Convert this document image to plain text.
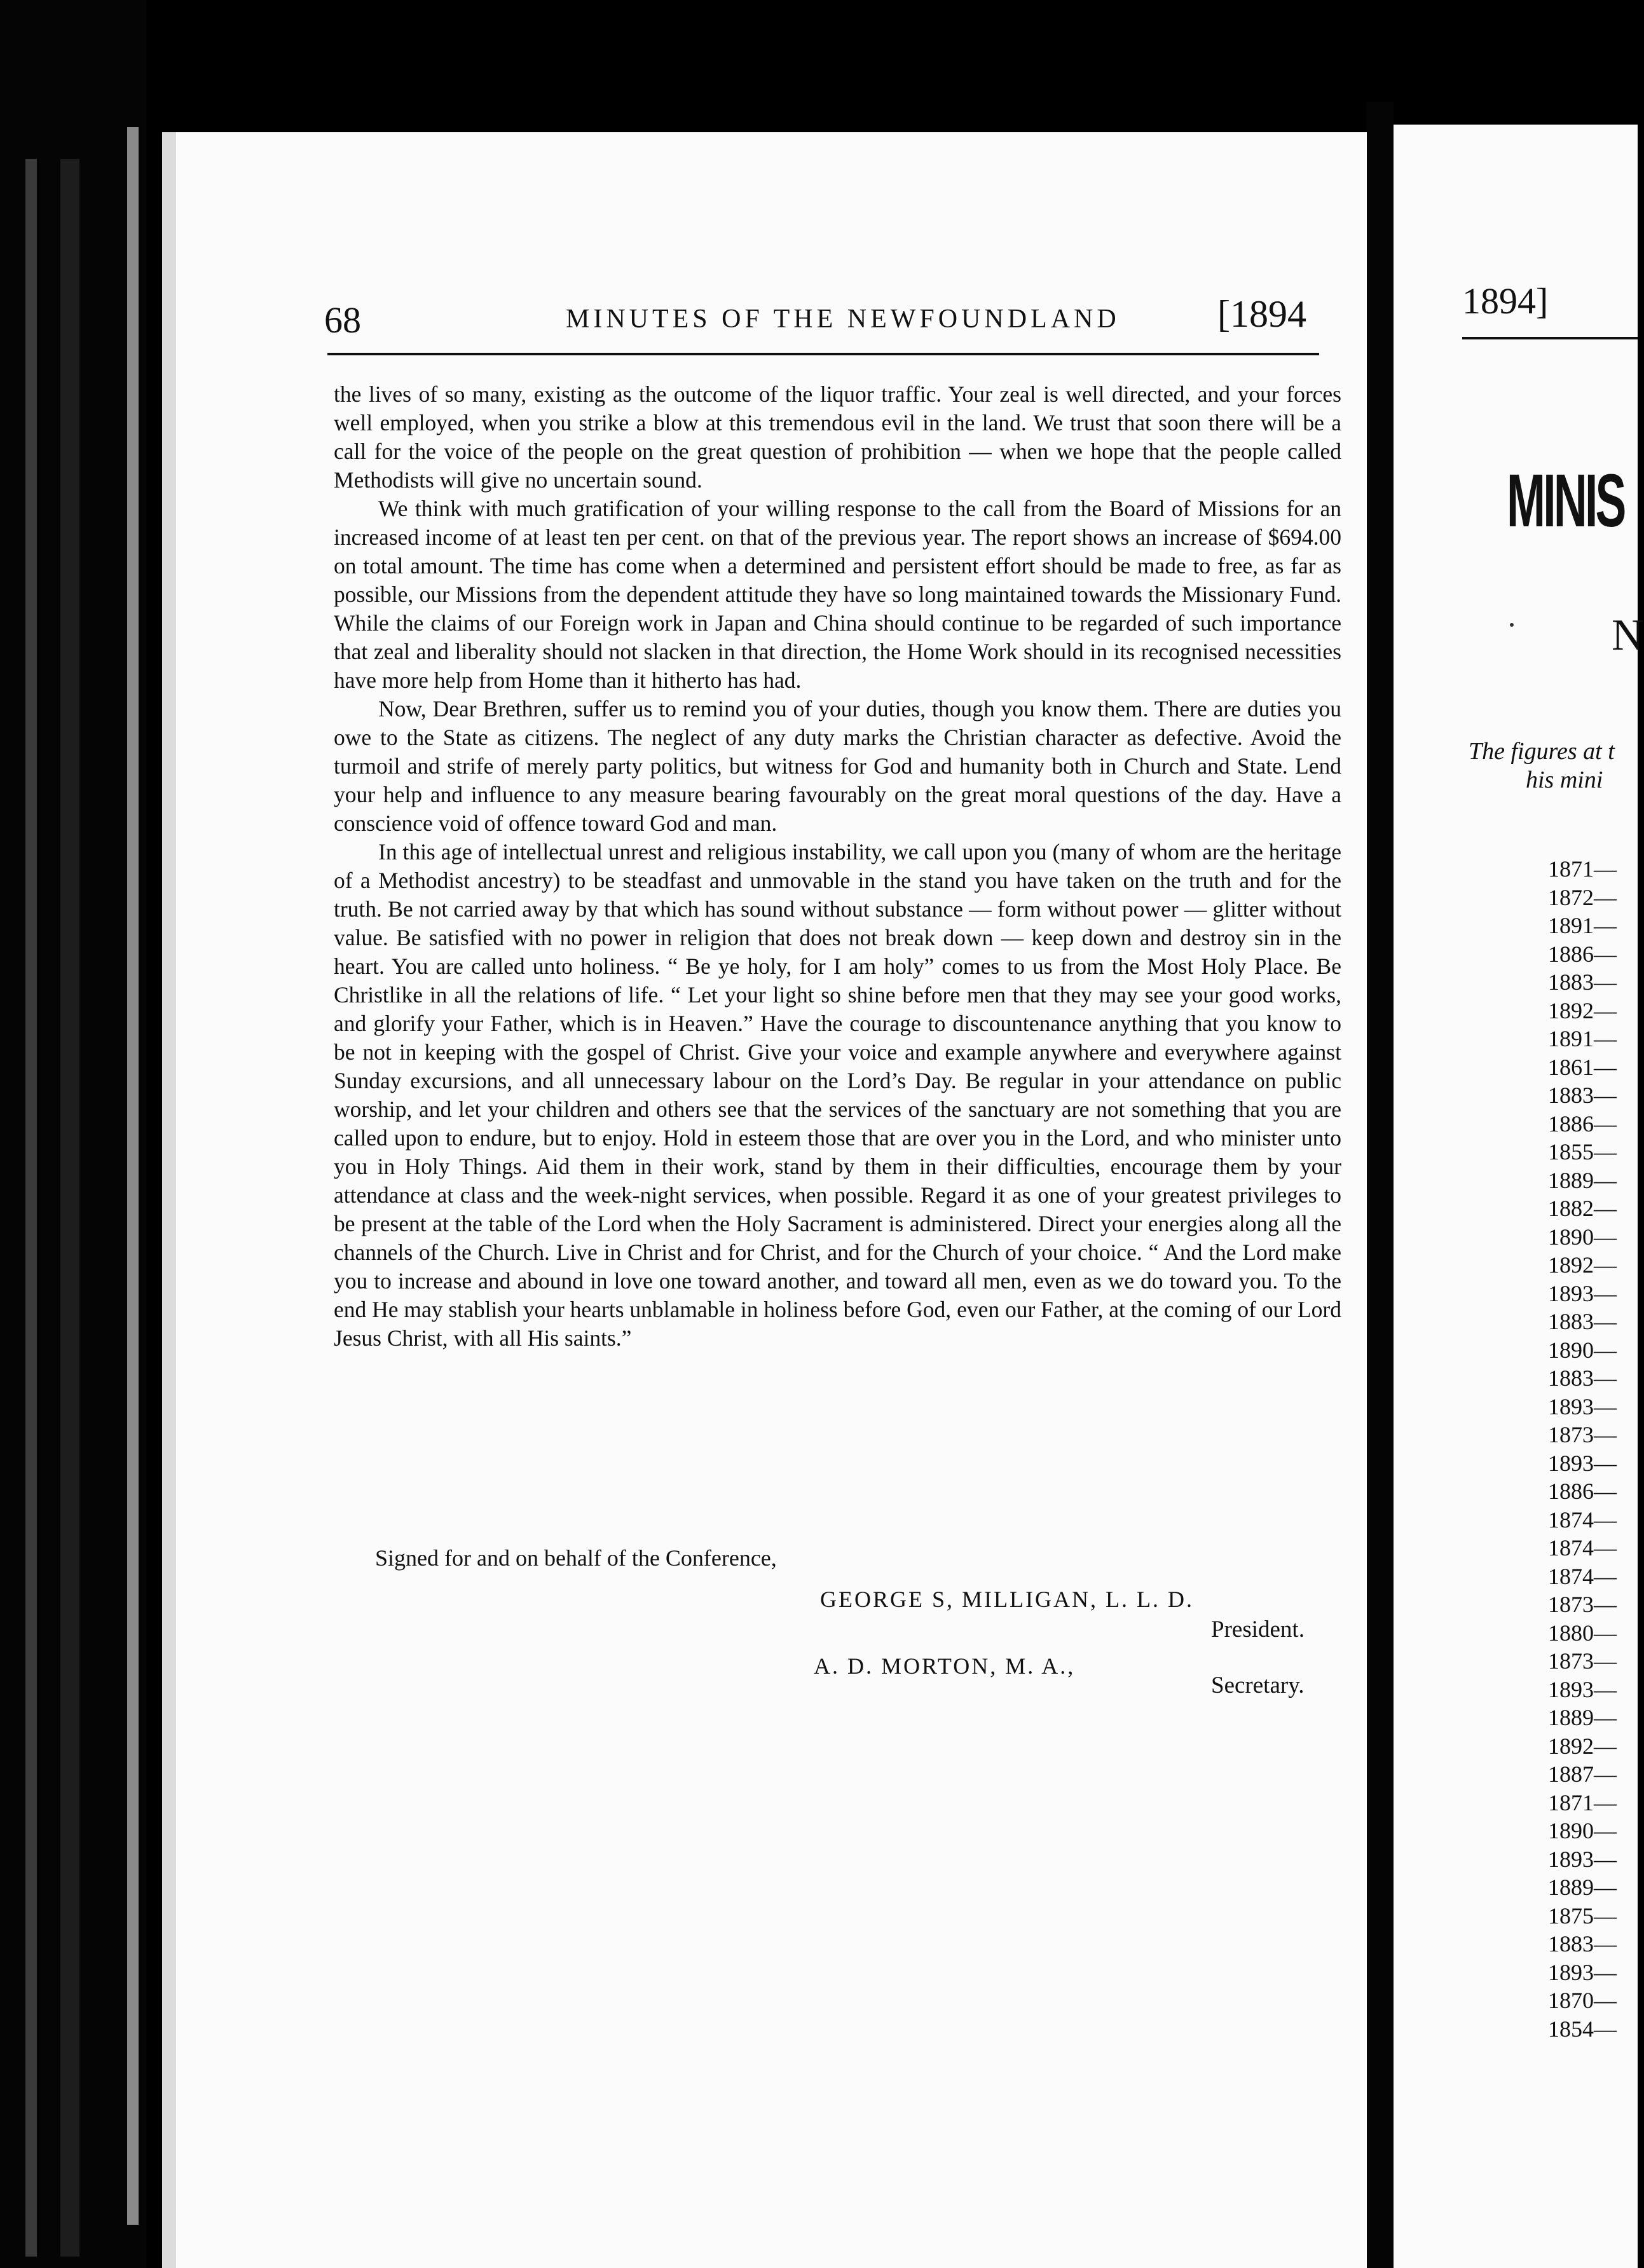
68	MINUTES OF THE NEWFOUNDLAND	[1894

the lives of so many, existing as the outcome of the liquor traffic. Your zeal is well directed, and your forces well employed, when you strike a blow at this tremendous evil in the land. We trust that soon there will be a call for the voice of the people on the great question of prohibition — when we hope that the people called Methodists will give no uncertain sound.

We think with much gratification of your willing response to the call from the Board of Missions for an increased income of at least ten per cent. on that of the previous year. The report shows an increase of $694.00 on total amount. The time has come when a determined and persistent effort should be made to free, as far as possible, our Missions from the dependent attitude they have so long maintained towards the Missionary Fund. While the claims of our Foreign work in Japan and China should continue to be regarded of such importance that zeal and liberality should not slacken in that direction, the Home Work should in its recognised necessities have more help from Home than it hitherto has had.

Now, Dear Brethren, suffer us to remind you of your duties, though you know them. There are duties you owe to the State as citizens. The neglect of any duty marks the Christian character as defective. Avoid the turmoil and strife of merely party politics, but witness for God and humanity both in Church and State. Lend your help and influence to any measure bearing favourably on the great moral questions of the day. Have a conscience void of offence toward God and man.

In this age of intellectual unrest and religious instability, we call upon you (many of whom are the heritage of a Methodist ancestry) to be steadfast and unmovable in the stand you have taken on the truth and for the truth. Be not carried away by that which has sound without substance — form without power — glitter without value. Be satisfied with no power in religion that does not break down — keep down and destroy sin in the heart. You are called unto holiness. “ Be ye holy, for I am holy” comes to us from the Most Holy Place. Be Christlike in all the relations of life. “ Let your light so shine before men that they may see your good works, and glorify your Father, which is in Heaven.” Have the courage to discountenance anything that you know to be not in keeping with the gospel of Christ. Give your voice and example anywhere and everywhere against Sunday excursions, and all unnecessary labour on the Lord’s Day. Be regular in your attendance on public worship, and let your children and others see that the services of the sanctuary are not something that you are called upon to endure, but to enjoy. Hold in esteem those that are over you in the Lord, and who minister unto you in Holy Things. Aid them in their work, stand by them in their difficulties, encourage them by your attendance at class and the week-night services, when possible. Regard it as one of your greatest privileges to be present at the table of the Lord when the Holy Sacrament is administered. Direct your energies along all the channels of the Church. Live in Christ and for Christ, and for the Church of your choice. “ And the Lord make you to increase and abound in love one toward another, and toward all men, even as we do toward you. To the end He may stablish your hearts unblamable in holiness before God, even our Father, at the coming of our Lord Jesus Christ, with all His saints.”

Signed for and on behalf of the Conference,
GEORGE S, MILLIGAN, L. L. D.
President.
A. D. MORTON, M. A.,
Secretary.
1894]
MINIS
N
The figures at t
his mini
1871—
1872—
1891—
1886—
1883—
1892—
1891—
1861—
1883—
1886—
1855—
1889—
1882—
1890—
1892—
1893—
1883—
1890—
1883—
1893—
1873—
1893—
1886—
1874—
1874—
1874—
1873—
1880—
1873—
1893—
1889—
1892—
1887—
1871—
1890—
1893—
1889—
1875—
1883—
1893—
1870—
1854—
